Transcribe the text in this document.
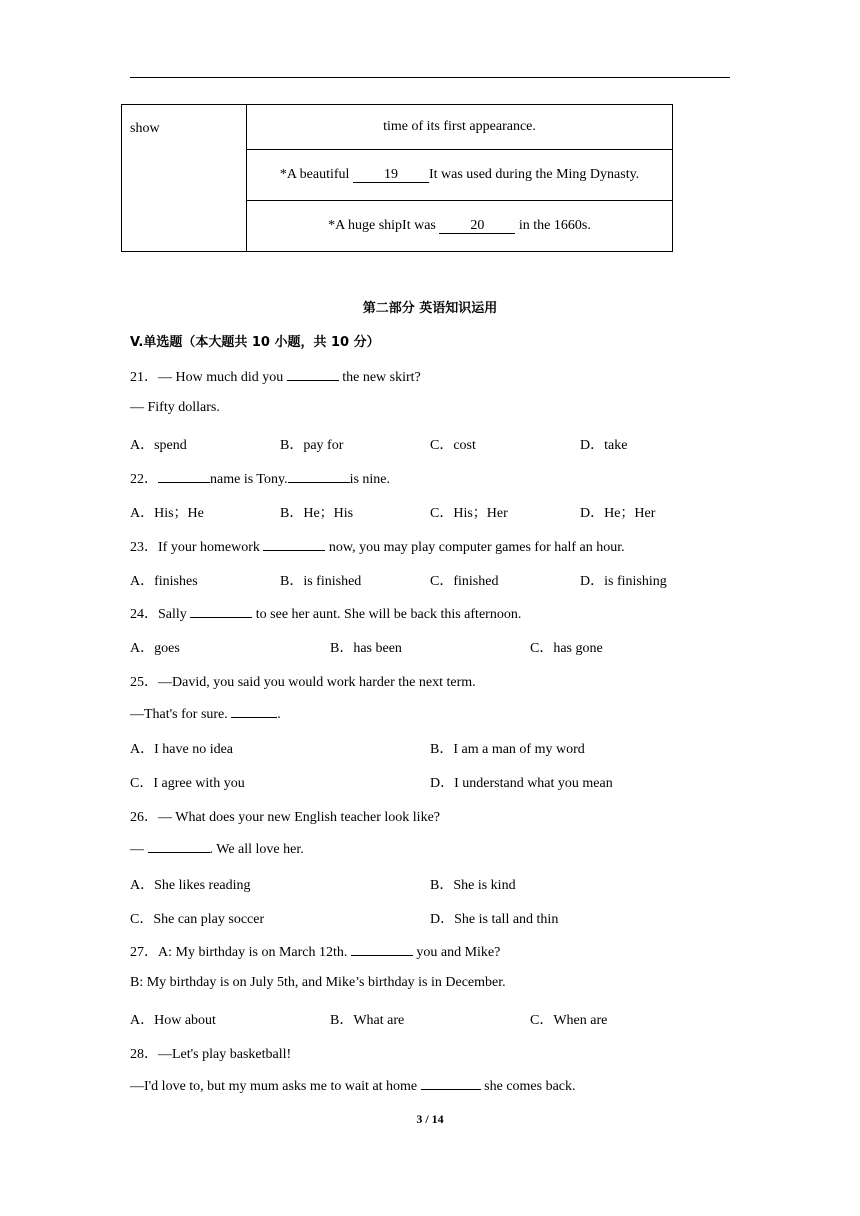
show	time of its first appearance.
*A beautiful 19 It was used during the Ming Dynasty.
*A huge shipIt was 20 in the 1660s.
第二部分 英语知识运用
V.单选题（本大题共 10 小题，共 10 分）
21．— How much did you	the new skirt?
— Fifty dollars.
A．spend	B．pay for	C．cost	D．take
22．	name is Tony.	is nine.
A．His；He	B．He；His	C．His；Her	D．He；Her
23．If your homework	now, you may play computer games for half an hour.
A．finishes	B．is finished	C．finished	D．is finishing
24．Sally	to see her aunt. She will be back this afternoon.
A．goes	B．has been	C．has gone
25．—David, you said you would work harder the next term.
—That's for sure.	.
A．I have no idea	B．I am a man of my word
C．I agree with you	D．I understand what you mean
26．— What does your new English teacher look like?
—	. We all love her.
A．She likes reading	B．She is kind
C．She can play soccer	D．She is tall and thin
27．A: My birthday is on March 12th.	you and Mike?
B: My birthday is on July 5th, and Mike’s birthday is in December.
A．How about	B．What are	C．When are
28．—Let's play basketball!
—I'd love to, but my mum asks me to wait at home	she comes back.
3 / 14
